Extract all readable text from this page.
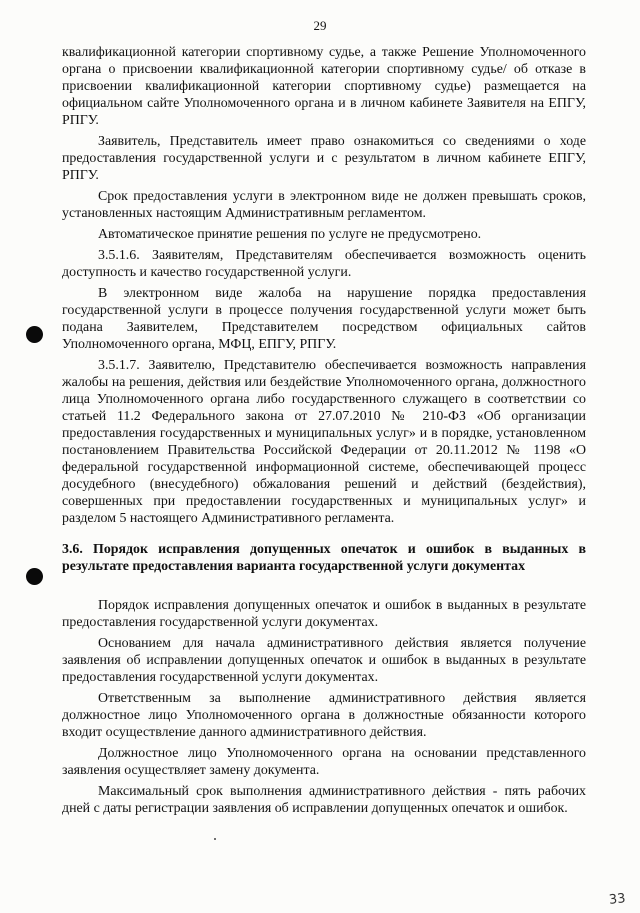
29

квалификационной категории спортивному судье, а также Решение Уполномоченного органа о присвоении квалификационной категории спортивному судье/ об отказе в присвоении квалификационной категории спортивному судье) размещается на официальном сайте Уполномоченного органа и в личном кабинете Заявителя на ЕПГУ, РПГУ.

Заявитель, Представитель имеет право ознакомиться со сведениями о ходе предоставления государственной услуги и с результатом в личном кабинете ЕПГУ, РПГУ.

Срок предоставления услуги в электронном виде не должен превышать сроков, установленных настоящим Административным регламентом.

Автоматическое принятие решения по услуге не предусмотрено.

3.5.1.6. Заявителям, Представителям обеспечивается возможность оценить доступность и качество государственной услуги.

В электронном виде жалоба на нарушение порядка предоставления государственной услуги в процессе получения государственной услуги может быть подана Заявителем, Представителем посредством официальных сайтов Уполномоченного органа, МФЦ, ЕПГУ, РПГУ.

3.5.1.7. Заявителю, Представителю обеспечивается возможность направления жалобы на решения, действия или бездействие Уполномоченного органа, должностного лица Уполномоченного органа либо государственного служащего в соответствии со статьей 11.2 Федерального закона от 27.07.2010 № 210-ФЗ «Об организации предоставления государственных и муниципальных услуг» и в порядке, установленном постановлением Правительства Российской Федерации от 20.11.2012 № 1198 «О федеральной государственной информационной системе, обеспечивающей процесс досудебного (внесудебного) обжалования решений и действий (бездействия), совершенных при предоставлении государственных и муниципальных услуг» и разделом 5 настоящего Административного регламента.

3.6. Порядок исправления допущенных опечаток и ошибок в выданных в результате предоставления варианта государственной услуги документах

Порядок исправления допущенных опечаток и ошибок в выданных в результате предоставления государственной услуги документах.

Основанием для начала административного действия является получение заявления об исправлении допущенных опечаток и ошибок в выданных в результате предоставления государственной услуги документах.

Ответственным за выполнение административного действия является должностное лицо Уполномоченного органа в должностные обязанности которого входит осуществление данного административного действия.

Должностное лицо Уполномоченного органа на основании представленного заявления осуществляет замену документа.

Максимальный срок выполнения административного действия - пять рабочих дней с даты регистрации заявления об исправлении допущенных опечаток и ошибок.

33
